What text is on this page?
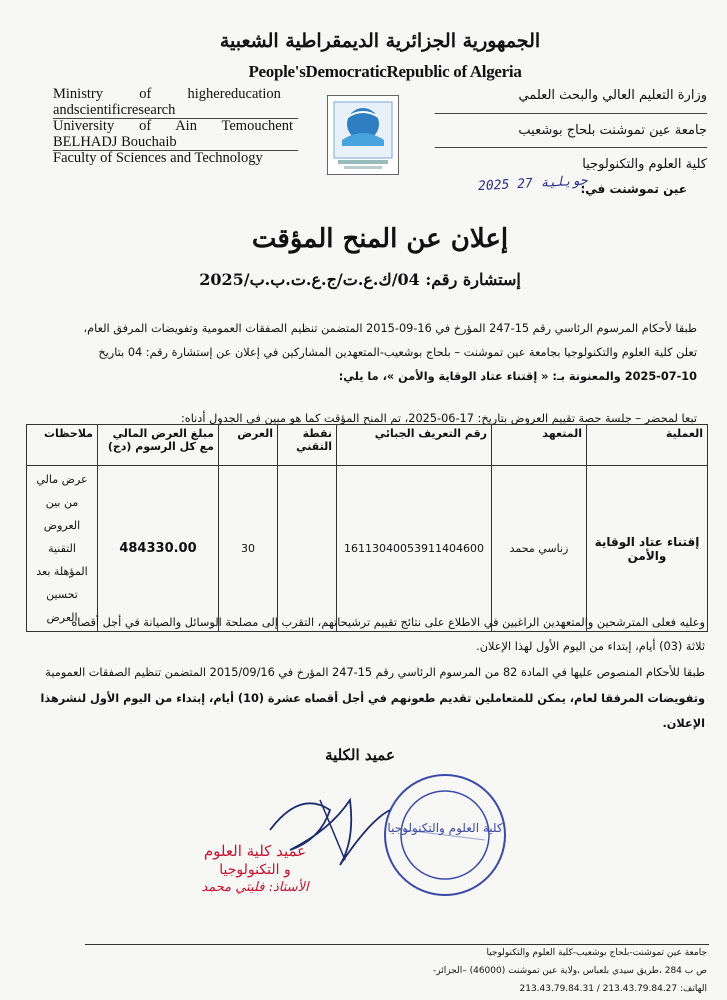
الجمهورية الجزائرية الديمقراطية الشعبية
People'sDemocraticRepublic of Algeria
Ministry          of          highereducation
andscientificresearch
University of Ain Temouchent
BELHADJ Bouchaib
Faculty of Sciences and Technology
وزارة التعليم العالي والبحث العلمي
جامعة عين تموشنت بلحاج بوشعيب
كلية العلوم والتكنولوجيا
عين تموشنت في:
2025 جويلية 27
إعلان عن المنح المؤقت
إستشارة رقم: 04/ك.ع.ت/ج.ع.ت.ب.ب/2025
طبقا لأحكام المرسوم الرئاسي رقم 15-247 المؤرخ في 16-09-2015 المتضمن تنظيم الصفقات العمومية وتفويضات المرفق العام،
تعلن كلية العلوم والتكنولوجيا بجامعة عين تموشنت – بلحاج بوشعيب-المتعهدين المشاركين في إعلان عن إستشارة رقم: 04 بتاريخ
2025-07-10 والمعنونة بـ: « إقتناء عتاد الوقاية والأمن »، ما يلي:
تبعا لمحضر – جلسة حصة تقييم العروض بتاريخ: 17-06-2025، تم المنح المؤقت كما هو مبين في الجدول أدناه:
العملية	المتعهد	رقم التعريف الجبائي	نقطة التقني	العرض	مبلغ العرض المالي مع كل الرسوم (دج)	ملاحظات
إقتناء عتاد الوقاية والأمن	زناسي محمد	16113040053911404600		30	484330.00	عرض مالي من بين العروض التقنية المؤهلة بعد تحسين العرض
وعليه فعلى المترشحين والمتعهدين الراغبين في الاطلاع على نتائج تقييم ترشيحاتهم، التقرب إلى مصلحة الوسائل والصيانة في أجل أقصاه
ثلاثة (03) أيام، إبتداء من اليوم الأول لهذا الإعلان.
طبقا للأحكام المنصوص عليها في المادة 82 من المرسوم الرئاسي رقم 15-247 المؤرخ في 2015/09/16 المتضمن تنظيم الصفقات العمومية
وتفويضات المرفقا لعام، يمكن للمتعاملين تقديم طعونهم في أجل أقصاه عشرة (10) أيام، إبتداء من اليوم الأول لنشرهذا الإعلان.
عميد الكلية
كلية العلوم والتكنولوجيا
عميد كلية العلوم
و التكنولوجيا
الأستاذ: فليتي محمد
جامعة عين تموشنت-بلحاج بوشعيب-كلية العلوم والتكنولوجيا
ص ب 284 ،طريق سيدي بلعباس ،ولاية عين تموشنت (46000) –الجزائر-
الهاتف: 213.43.79.84.27 / 213.43.79.84.31
